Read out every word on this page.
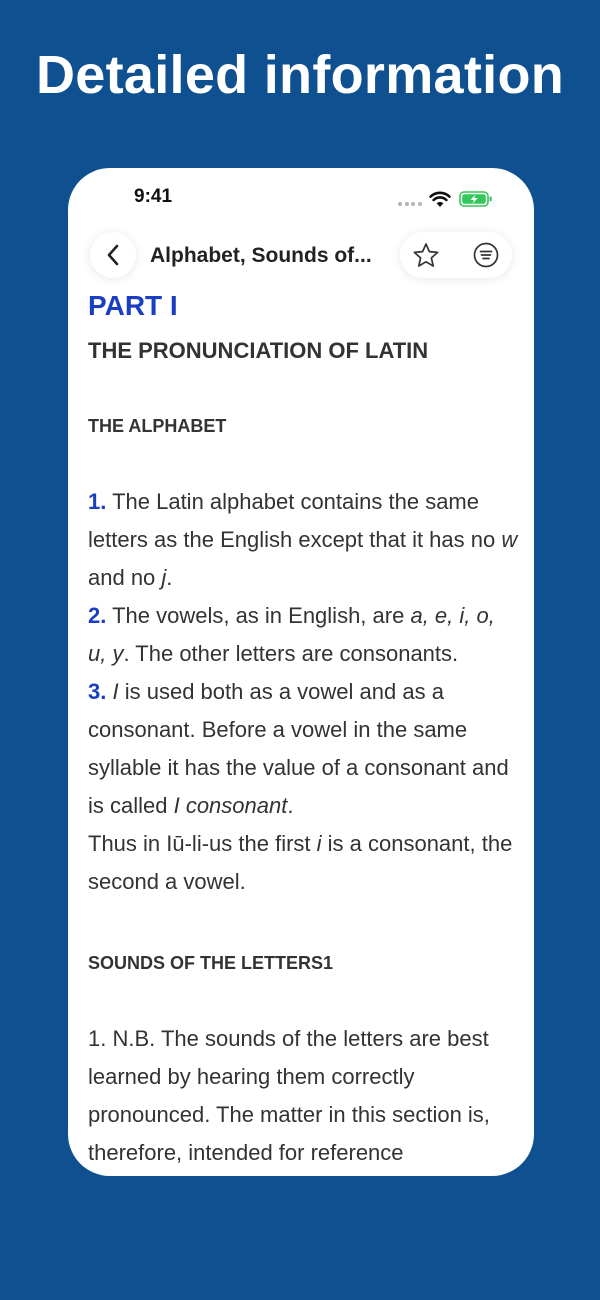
Detailed information
9:41
Alphabet, Sounds of...
PART I
THE PRONUNCIATION OF LATIN
THE ALPHABET

1. The Latin alphabet contains the same letters as the English except that it has no w and no j.

2. The vowels, as in English, are a, e, i, o, u, y. The other letters are consonants.

3. I is used both as a vowel and as a consonant. Before a vowel in the same syllable it has the value of a consonant and is called I consonant.

Thus in Iū-li-us the first i is a consonant, the second a vowel.

SOUNDS OF THE LETTERS1

1. N.B. The sounds of the letters are best learned by hearing them correctly pronounced. The matter in this section is, therefore, intended for reference
